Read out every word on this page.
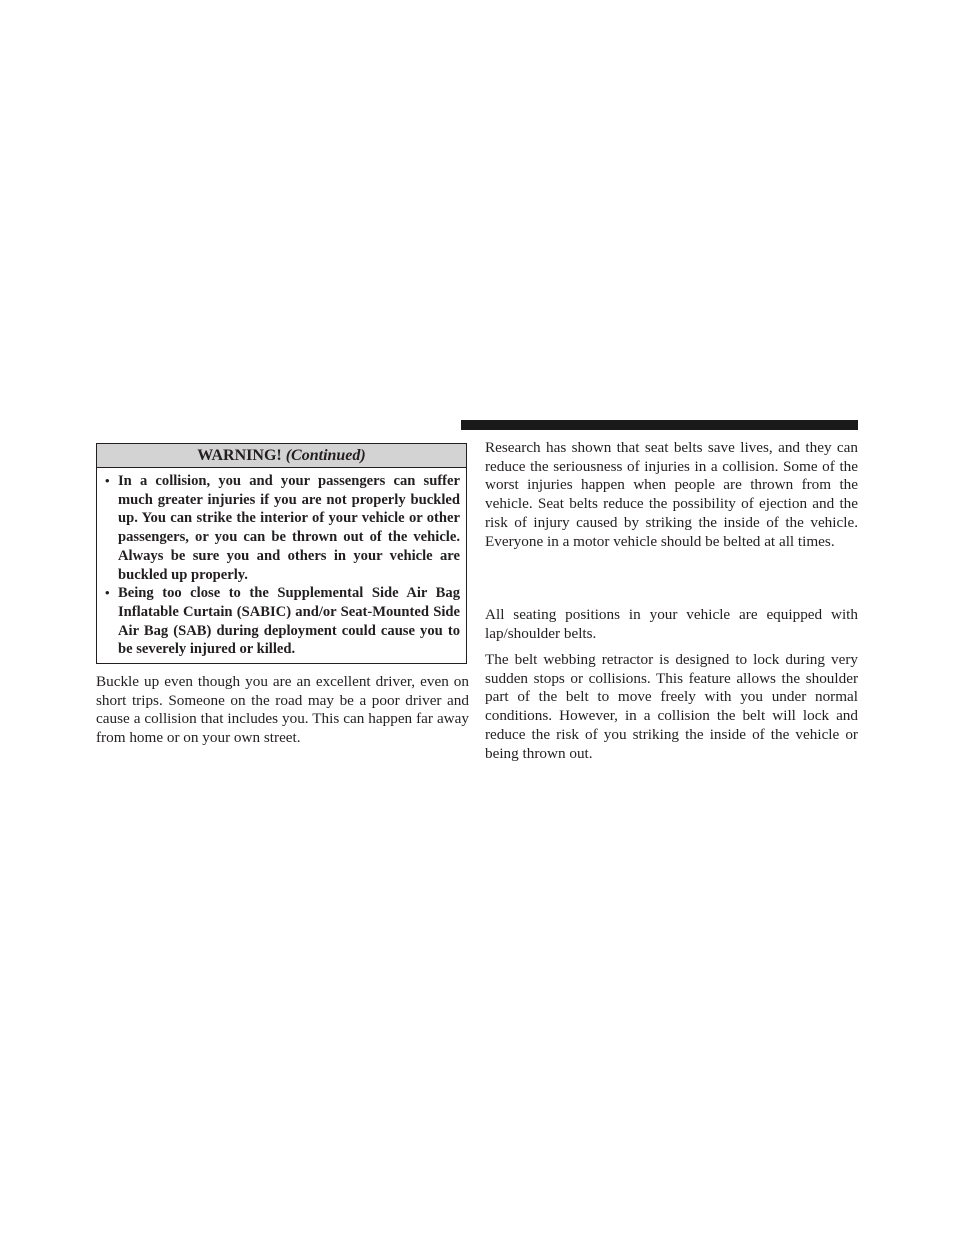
WARNING! (Continued)
• In a collision, you and your passengers can suffer much greater injuries if you are not properly buckled up. You can strike the interior of your vehicle or other passengers, or you can be thrown out of the vehicle. Always be sure you and others in your vehicle are buckled up properly.
• Being too close to the Supplemental Side Air Bag Inflatable Curtain (SABIC) and/or Seat-Mounted Side Air Bag (SAB) during deployment could cause you to be severely injured or killed.

Buckle up even though you are an excellent driver, even on short trips. Someone on the road may be a poor driver and cause a collision that includes you. This can happen far away from home or on your own street.

Research has shown that seat belts save lives, and they can reduce the seriousness of injuries in a collision. Some of the worst injuries happen when people are thrown from the vehicle. Seat belts reduce the possibility of ejection and the risk of injury caused by striking the inside of the vehicle. Everyone in a motor vehicle should be belted at all times.

All seating positions in your vehicle are equipped with lap/shoulder belts.

The belt webbing retractor is designed to lock during very sudden stops or collisions. This feature allows the shoulder part of the belt to move freely with you under normal conditions. However, in a collision the belt will lock and reduce the risk of you striking the inside of the vehicle or being thrown out.
